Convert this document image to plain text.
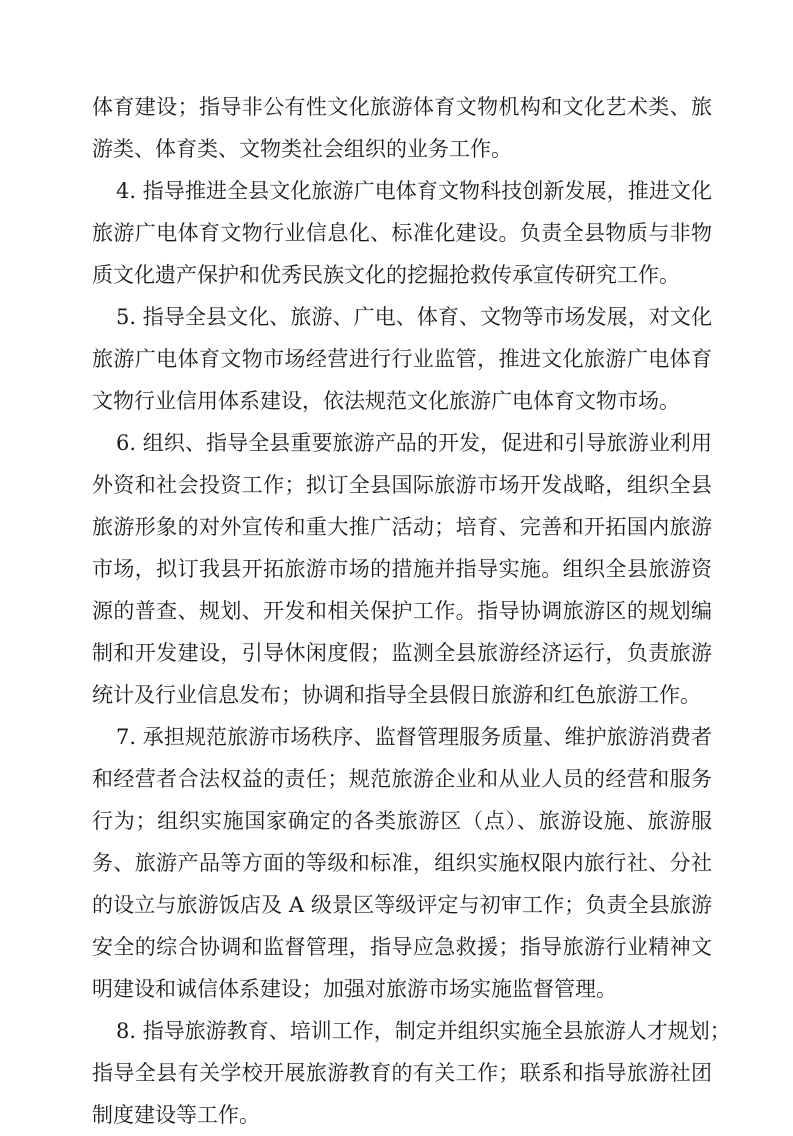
体育建设；指导非公有性文化旅游体育文物机构和文化艺术类、旅
游类、体育类、文物类社会组织的业务工作。
4. 指导推进全县文化旅游广电体育文物科技创新发展，推进文化
旅游广电体育文物行业信息化、标准化建设。负责全县物质与非物
质文化遗产保护和优秀民族文化的挖掘抢救传承宣传研究工作。
5. 指导全县文化、旅游、广电、体育、文物等市场发展，对文化
旅游广电体育文物市场经营进行行业监管，推进文化旅游广电体育
文物行业信用体系建设，依法规范文化旅游广电体育文物市场。
6. 组织、指导全县重要旅游产品的开发，促进和引导旅游业利用
外资和社会投资工作；拟订全县国际旅游市场开发战略，组织全县
旅游形象的对外宣传和重大推广活动；培育、完善和开拓国内旅游
市场，拟订我县开拓旅游市场的措施并指导实施。组织全县旅游资
源的普查、规划、开发和相关保护工作。指导协调旅游区的规划编
制和开发建设，引导休闲度假；监测全县旅游经济运行，负责旅游
统计及行业信息发布；协调和指导全县假日旅游和红色旅游工作。
7. 承担规范旅游市场秩序、监督管理服务质量、维护旅游消费者
和经营者合法权益的责任；规范旅游企业和从业人员的经营和服务
行为；组织实施国家确定的各类旅游区（点）、旅游设施、旅游服
务、旅游产品等方面的等级和标准，组织实施权限内旅行社、分社
的设立与旅游饭店及 A 级景区等级评定与初审工作；负责全县旅游
安全的综合协调和监督管理，指导应急救援；指导旅游行业精神文
明建设和诚信体系建设；加强对旅游市场实施监督管理。
8. 指导旅游教育、培训工作，制定并组织实施全县旅游人才规划；
指导全县有关学校开展旅游教育的有关工作；联系和指导旅游社团
制度建设等工作。
